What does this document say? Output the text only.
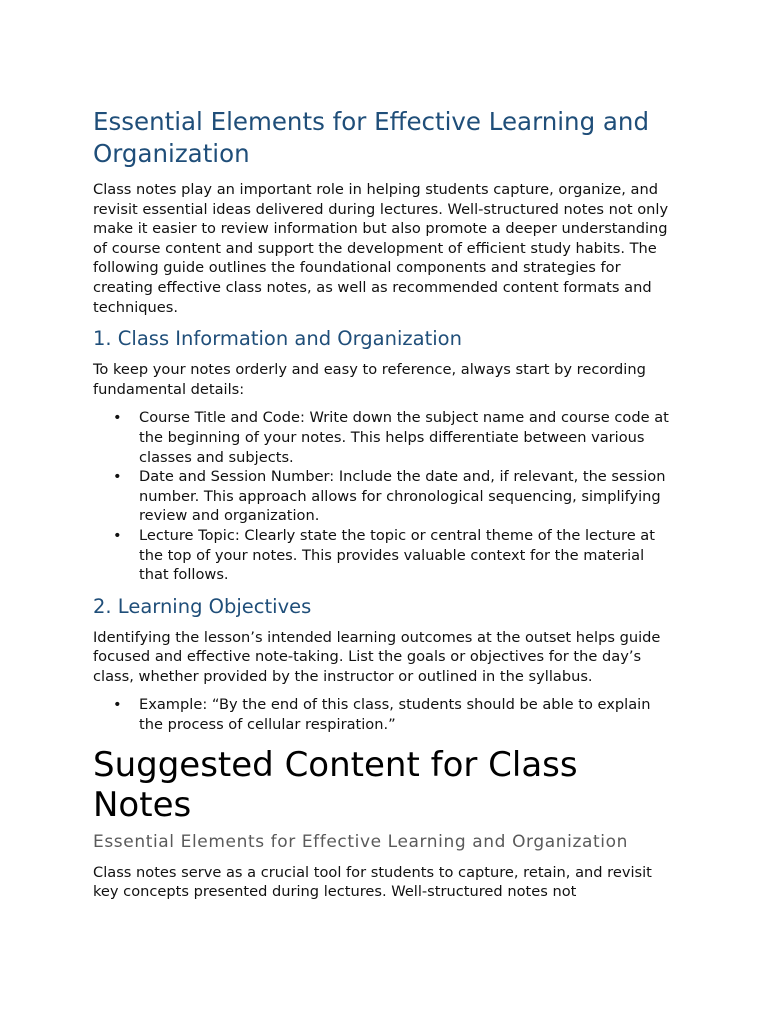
Essential Elements for Effective Learning and Organization

Class notes play an important role in helping students capture, organize, and revisit essential ideas delivered during lectures. Well-structured notes not only make it easier to review information but also promote a deeper understanding of course content and support the development of efficient study habits. The following guide outlines the foundational components and strategies for creating effective class notes, as well as recommended content formats and techniques.

1. Class Information and Organization

To keep your notes orderly and easy to reference, always start by recording fundamental details:

• Course Title and Code: Write down the subject name and course code at the beginning of your notes. This helps differentiate between various classes and subjects.
• Date and Session Number: Include the date and, if relevant, the session number. This approach allows for chronological sequencing, simplifying review and organization.
• Lecture Topic: Clearly state the topic or central theme of the lecture at the top of your notes. This provides valuable context for the material that follows.
2. Learning Objectives

Identifying the lesson’s intended learning outcomes at the outset helps guide focused and effective note-taking. List the goals or objectives for the day’s class, whether provided by the instructor or outlined in the syllabus.

• Example: “By the end of this class, students should be able to explain the process of cellular respiration.”
Suggested Content for Class Notes
Essential Elements for Effective Learning and Organization

Class notes serve as a crucial tool for students to capture, retain, and revisit key concepts presented during lectures. Well-structured notes not
